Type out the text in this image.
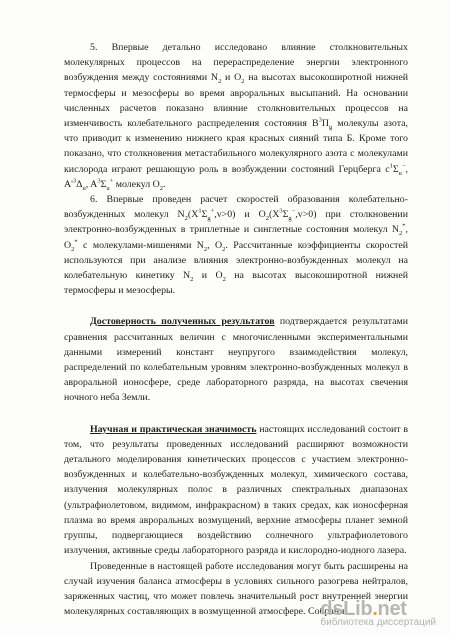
5. Впервые детально исследовано влияние столкновительных молекулярных процессов на перераспределение энергии электронного возбуждения между состояниями $N_2$ и $O_2$ на высотах высокоширотной нижней термосферы и мезосферы во время авроральных высыпаний. На основании численных расчетов показано влияние столкновительных процессов на изменчивость колебательного распределения состояния $B^3\Pi_g$ молекулы азота, что приводит к изменению нижнего края красных сияний типа Б. Кроме того показано, что столкновения метастабильного молекулярного азота с молекулами кислорода играют решающую роль в возбуждении состояний Герцберга $c^1\Sigma_u^-$, $A'^3\Delta_u$, $A^3\Sigma_u^+$ молекул $O_2$.

6. Впервые проведен расчет скоростей образования колебательно-возбужденных молекул $N_2(X^1\Sigma_g^+,v>0)$ и $O_2(X^3\Sigma_g^-,v>0)$ при столкновении электронно-возбужденных в триплетные и синглетные состояния молекул $N_2^*$, $O_2^*$ с молекулами-мишенями $N_2$, $O_2$. Рассчитанные коэффициенты скоростей используются при анализе влияния электронно-возбужденных молекул на колебательную кинетику $N_2$ и $O_2$ на высотах высокоширотной нижней термосферы и мезосферы.

Достоверность полученных результатов подтверждается результатами сравнения рассчитанных величин с многочисленными экспериментальными данными измерений констант неупругого взаимодействия молекул, распределений по колебательным уровням электронно-возбужденных молекул в авроральной ионосфере, среде лабораторного разряда, на высотах свечения ночного неба Земли.

Научная и практическая значимость настоящих исследований состоит в том, что результаты проведенных исследований расширяют возможности детального моделирования кинетических процессов с участием электронно-возбужденных и колебательно-возбужденных молекул, химического состава, излучения молекулярных полос в различных спектральных диапазонах (ультрафиолетовом, видимом, инфракрасном) в таких средах, как ионосферная плазма во время авроральных возмущений, верхние атмосферы планет земной группы, подвергающиеся воздействию солнечного ультрафиолетового излучения, активные среды лабораторного разряда и кислородно-иодного лазера.

Проведенные в настоящей работе исследования могут быть расширены на случай изучения баланса атмосферы в условиях сильного разогрева нейтралов, заряженных частиц, что может повлечь значительный рост внутренней энергии молекулярных составляющих в возмущенной атмосфере. Собранн

dsLib.net
библиотека диссертаций
